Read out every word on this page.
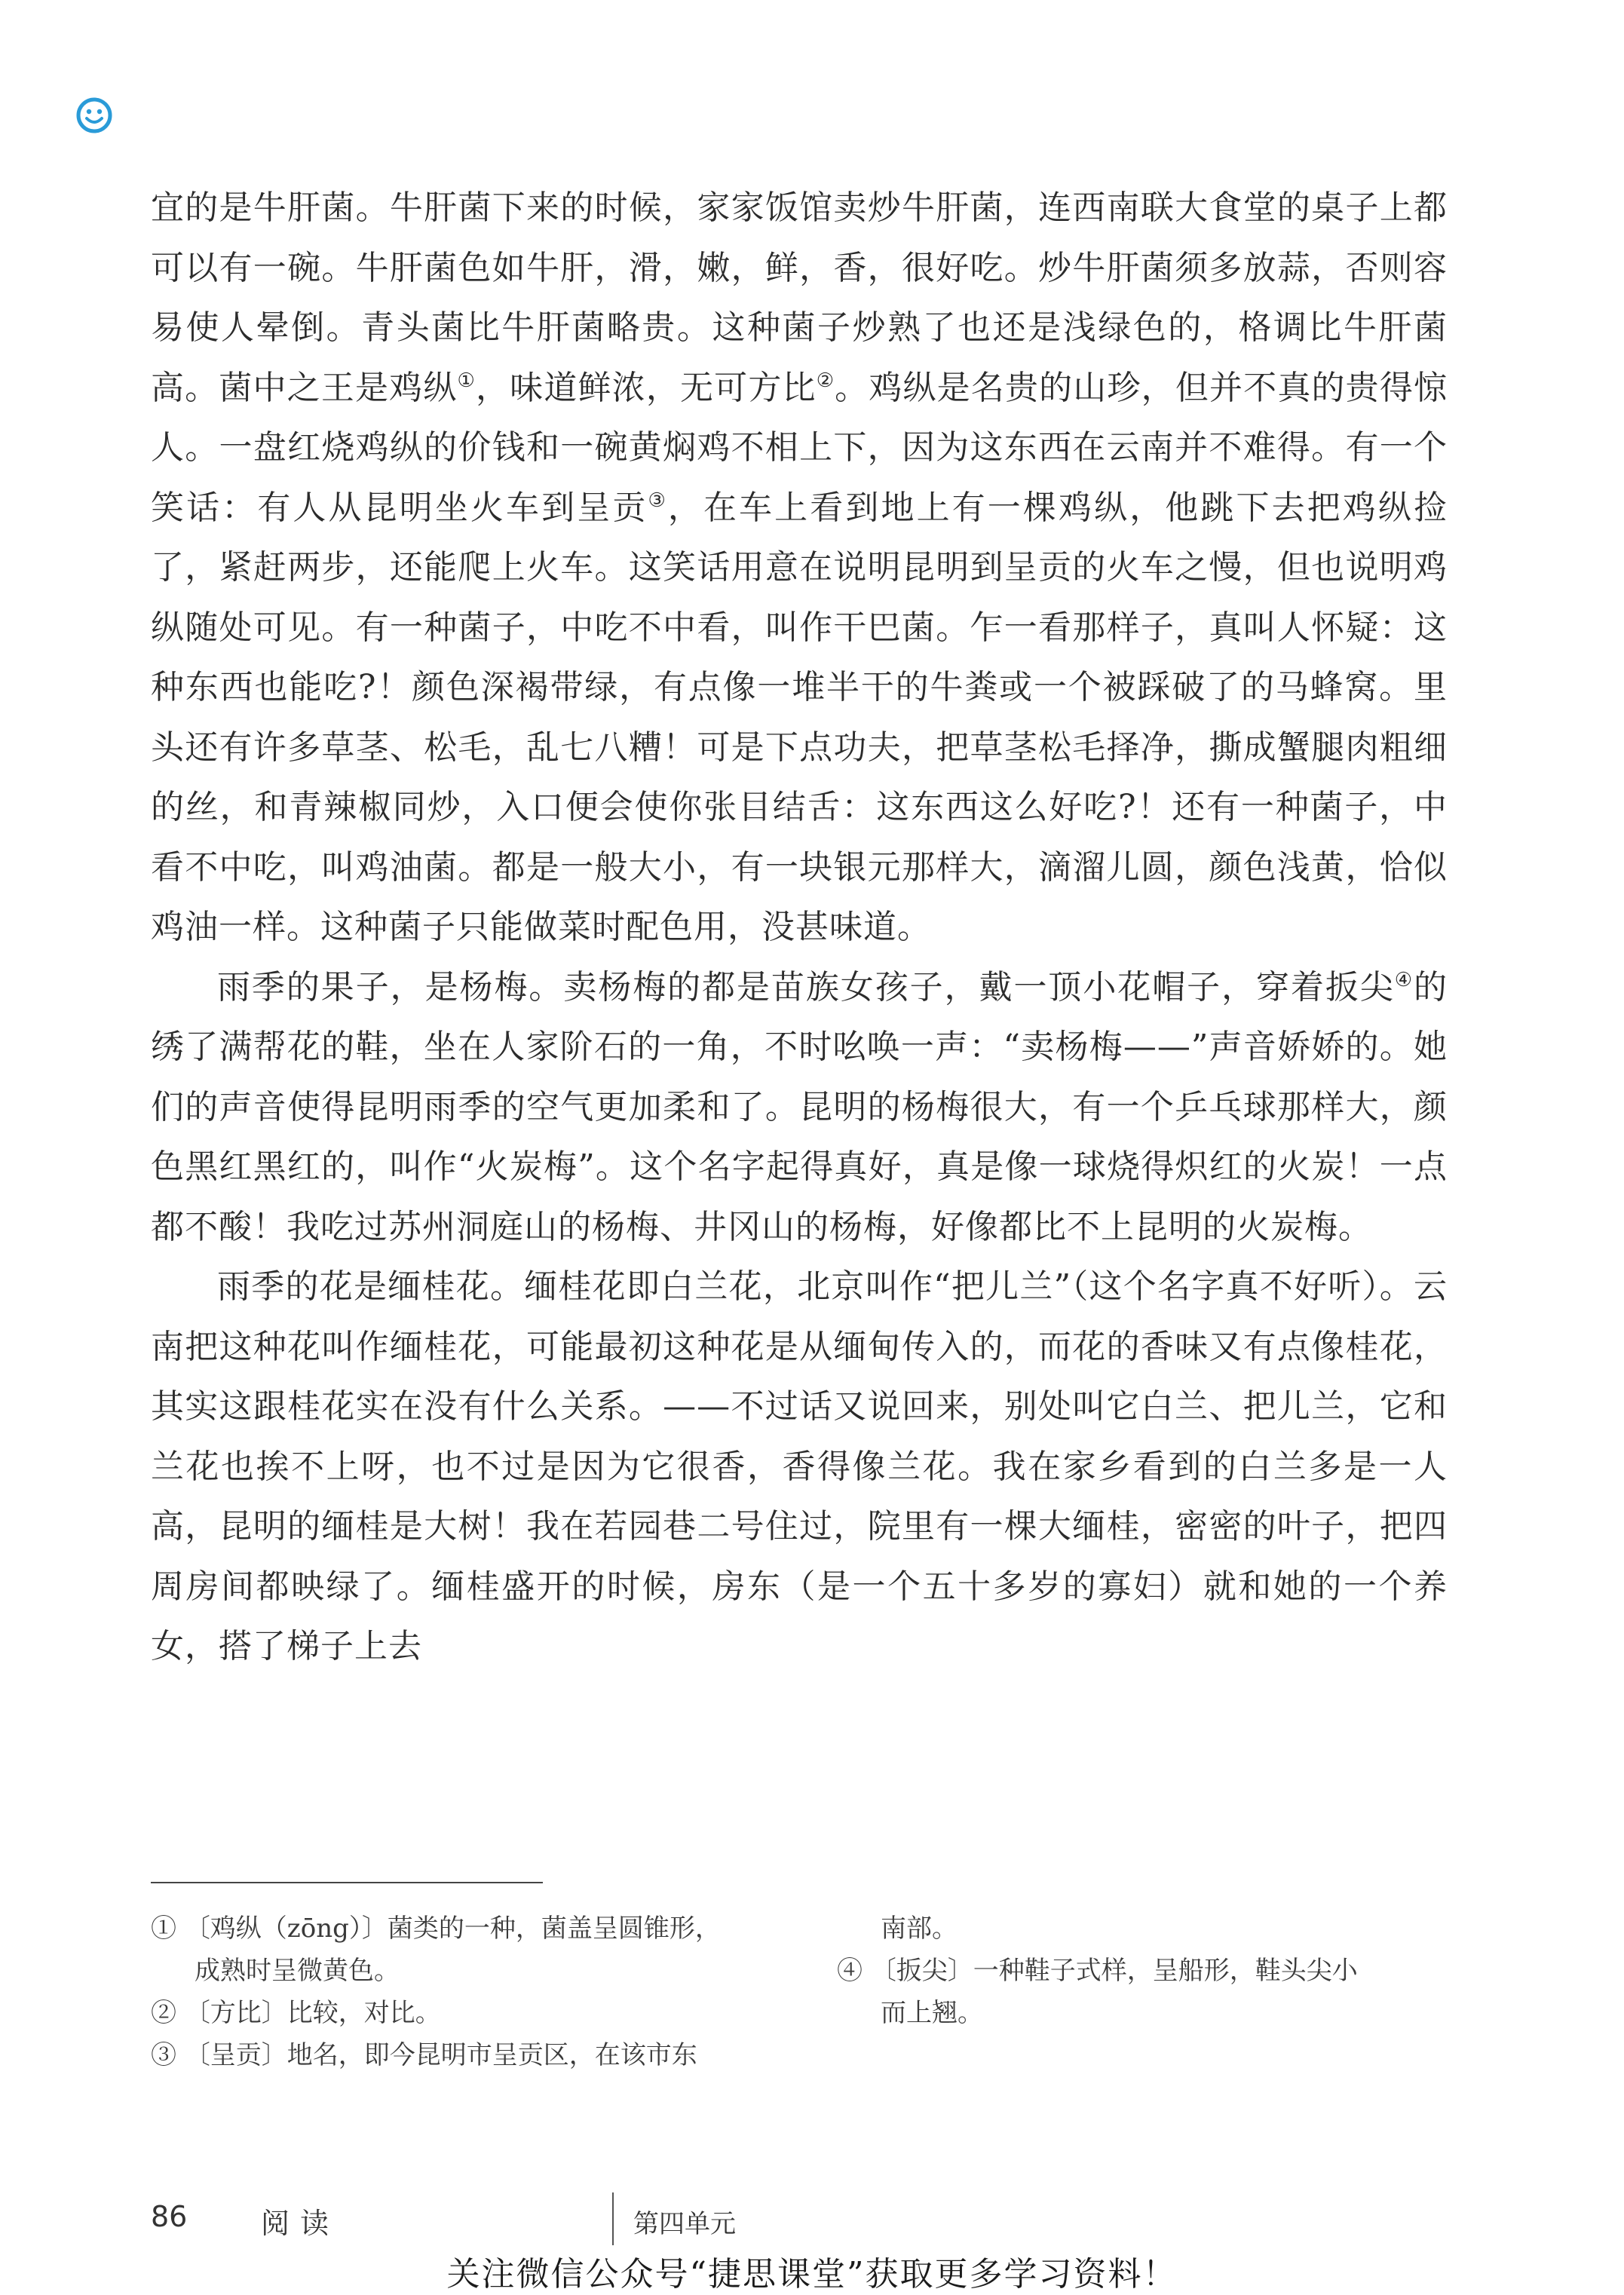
宜的是牛肝菌。牛肝菌下来的时候，家家饭馆卖炒牛肝菌，连西南联大食堂的桌子上都可以有一碗。牛肝菌色如牛肝，滑，嫩，鲜，香，很好吃。炒牛肝菌须多放蒜，否则容易使人晕倒。青头菌比牛肝菌略贵。这种菌子炒熟了也还是浅绿色的，格调比牛肝菌高。菌中之王是鸡纵①，味道鲜浓，无可方比②。鸡纵是名贵的山珍，但并不真的贵得惊人。一盘红烧鸡纵的价钱和一碗黄焖鸡不相上下，因为这东西在云南并不难得。有一个笑话：有人从昆明坐火车到呈贡③，在车上看到地上有一棵鸡纵，他跳下去把鸡纵捡了，紧赶两步，还能爬上火车。这笑话用意在说明昆明到呈贡的火车之慢，但也说明鸡纵随处可见。有一种菌子，中吃不中看，叫作干巴菌。乍一看那样子，真叫人怀疑：这种东西也能吃?！颜色深褐带绿，有点像一堆半干的牛粪或一个被踩破了的马蜂窝。里头还有许多草茎、松毛，乱七八糟！可是下点功夫，把草茎松毛择净，撕成蟹腿肉粗细的丝，和青辣椒同炒，入口便会使你张目结舌：这东西这么好吃?！还有一种菌子，中看不中吃，叫鸡油菌。都是一般大小，有一块银元那样大，滴溜儿圆，颜色浅黄，恰似鸡油一样。这种菌子只能做菜时配色用，没甚味道。

雨季的果子，是杨梅。卖杨梅的都是苗族女孩子，戴一顶小花帽子，穿着扳尖④的绣了满帮花的鞋，坐在人家阶石的一角，不时吆唤一声：“卖杨梅——”声音娇娇的。她们的声音使得昆明雨季的空气更加柔和了。昆明的杨梅很大，有一个乒乓球那样大，颜色黑红黑红的，叫作“火炭梅”。这个名字起得真好，真是像一球烧得炽红的火炭！一点都不酸！我吃过苏州洞庭山的杨梅、井冈山的杨梅，好像都比不上昆明的火炭梅。

雨季的花是缅桂花。缅桂花即白兰花，北京叫作“把儿兰”（这个名字真不好听）。云南把这种花叫作缅桂花，可能最初这种花是从缅甸传入的，而花的香味又有点像桂花，其实这跟桂花实在没有什么关系。——不过话又说回来，别处叫它白兰、把儿兰，它和兰花也挨不上呀，也不过是因为它很香，香得像兰花。我在家乡看到的白兰多是一人高，昆明的缅桂是大树！我在若园巷二号住过，院里有一棵大缅桂，密密的叶子，把四周房间都映绿了。缅桂盛开的时候，房东（是一个五十多岁的寡妇）就和她的一个养女，搭了梯子上去

① 〔鸡纵（zōng）〕菌类的一种，菌盖呈圆锥形，

成熟时呈微黄色。

② 〔方比〕比较，对比。

③ 〔呈贡〕地名，即今昆明市呈贡区，在该市东

南部。

④ 〔扳尖〕一种鞋子式样，呈船形，鞋头尖小

而上翘。

86	阅读	第四单元
关注微信公众号“捷思课堂”获取更多学习资料！
